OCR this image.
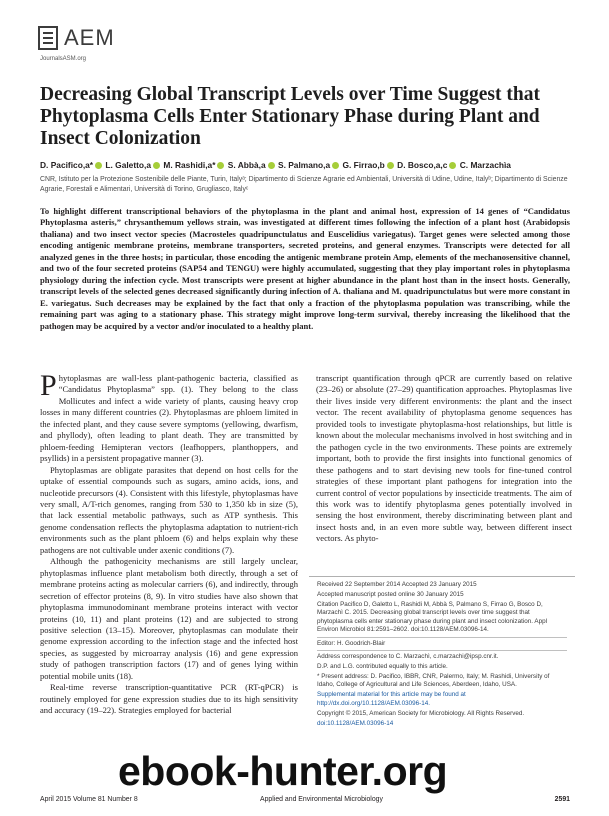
AEM
JournalsASM.org
Decreasing Global Transcript Levels over Time Suggest that Phytoplasma Cells Enter Stationary Phase during Plant and Insect Colonization
D. Pacifico,a* L. Galetto,a M. Rashidi,a* S. Abbà,a S. Palmano,a G. Firrao,b D. Bosco,a,c C. Marzachìa
CNR, Istituto per la Protezione Sostenibile delle Piante, Turin, Italyᵃ; Dipartimento di Scienze Agrarie ed Ambientali, Università di Udine, Udine, Italyᵇ; Dipartimento di Scienze Agrarie, Forestali e Alimentari, Università di Torino, Grugliasco, Italyᶜ
To highlight different transcriptional behaviors of the phytoplasma in the plant and animal host, expression of 14 genes of “Candidatus Phytoplasma asteris,” chrysanthemum yellows strain, was investigated at different times following the infection of a plant host (Arabidopsis thaliana) and two insect vector species (Macrosteles quadripunctulatus and Euscelidius variegatus). Target genes were selected among those encoding antigenic membrane proteins, membrane transporters, secreted proteins, and general enzymes. Transcripts were detected for all analyzed genes in the three hosts; in particular, those encoding the antigenic membrane protein Amp, elements of the mechanosensitive channel, and two of the four secreted proteins (SAP54 and TENGU) were highly accumulated, suggesting that they play important roles in phytoplasma physiology during the infection cycle. Most transcripts were present at higher abundance in the plant host than in the insect hosts. Generally, transcript levels of the selected genes decreased significantly during infection of A. thaliana and M. quadripunctulatus but were more constant in E. variegatus. Such decreases may be explained by the fact that only a fraction of the phytoplasma population was transcribing, while the remaining part was aging to a stationary phase. This strategy might improve long-term survival, thereby increasing the likelihood that the pathogen may be acquired by a vector and/or inoculated to a healthy plant.

Phytoplasmas are wall-less plant-pathogenic bacteria, classified as “Candidatus Phytoplasma” spp. (1). They belong to the class Mollicutes and infect a wide variety of plants, causing heavy crop losses in many different countries (2). Phytoplasmas are phloem limited in the infected plant, and they cause severe symptoms (yellowing, dwarfism, and phyllody), often leading to plant death. They are transmitted by phloem-feeding Hemipteran vectors (leafhoppers, planthoppers, and psyllids) in a persistent propagative manner (3).

Phytoplasmas are obligate parasites that depend on host cells for the uptake of essential compounds such as sugars, amino acids, ions, and nucleotide precursors (4). Consistent with this lifestyle, phytoplasmas have very small, A/T-rich genomes, ranging from 530 to 1,350 kb in size (5), that lack essential metabolic pathways, such as ATP synthesis. This genome condensation reflects the phytoplasma adaptation to nutrient-rich environments such as the plant phloem (6) and helps explain why these pathogens are not cultivable under axenic conditions (7).

Although the pathogenicity mechanisms are still largely unclear, phytoplasmas influence plant metabolism both directly, through a set of membrane proteins acting as molecular carriers (6), and indirectly, through secretion of effector proteins (8, 9). In vitro studies have also shown that phytoplasma immunodominant membrane proteins interact with vector proteins (10, 11) and plant proteins (12) and are subjected to strong positive selection (13–15). Moreover, phytoplasmas can modulate their genome expression according to the infection stage and the infected host species, as suggested by microarray analysis (16) and gene expression study of pathogen transcription factors (17) and of genes lying within potential mobile units (18).

Real-time reverse transcription-quantitative PCR (RT-qPCR) is routinely employed for gene expression studies due to its high sensitivity and accuracy (19–22). Strategies employed for bacterial

transcript quantification through qPCR are currently based on relative (23–26) or absolute (27–29) quantification approaches. Phytoplasmas live their lives inside very different environments: the plant and the insect vector. The recent availability of phytoplasma genome sequences has provided tools to investigate phytoplasma-host relationships, but little is known about the molecular mechanisms involved in host switching and in the pathogen cycle in the two environments. These points are extremely important, both to provide the first insights into functional genomics of these pathogens and to start devising new tools for fine-tuned control strategies of these important plant pathogens for integration into the current control of vector populations by insecticide treatments. The aim of this work was to identify phytoplasma genes potentially involved in sensing the host environment, thereby discriminating between plant and insect hosts and, in an even more subtle way, between different insect vectors. As phyto-

Received 22 September 2014 Accepted 23 January 2015

Accepted manuscript posted online 30 January 2015

Citation Pacifico D, Galetto L, Rashidi M, Abbà S, Palmano S, Firrao G, Bosco D, Marzachì C. 2015. Decreasing global transcript levels over time suggest that phytoplasma cells enter stationary phase during plant and insect colonization. Appl Environ Microbiol 81:2591–2602. doi:10.1128/AEM.03096-14.

Editor: H. Goodrich-Blair

Address correspondence to C. Marzachì, c.marzachi@ipsp.cnr.it.

D.P. and L.G. contributed equally to this article.

* Present address: D. Pacifico, IBBR, CNR, Palermo, Italy; M. Rashidi, University of Idaho, College of Agricultural and Life Sciences, Aberdeen, Idaho, USA.

Supplemental material for this article may be found at http://dx.doi.org/10.1128/AEM.03096-14.

Copyright © 2015, American Society for Microbiology. All Rights Reserved.

doi:10.1128/AEM.03096-14

ebook-hunter.org
April 2015 Volume 81 Number 8	Applied and Environmental Microbiology	2591
